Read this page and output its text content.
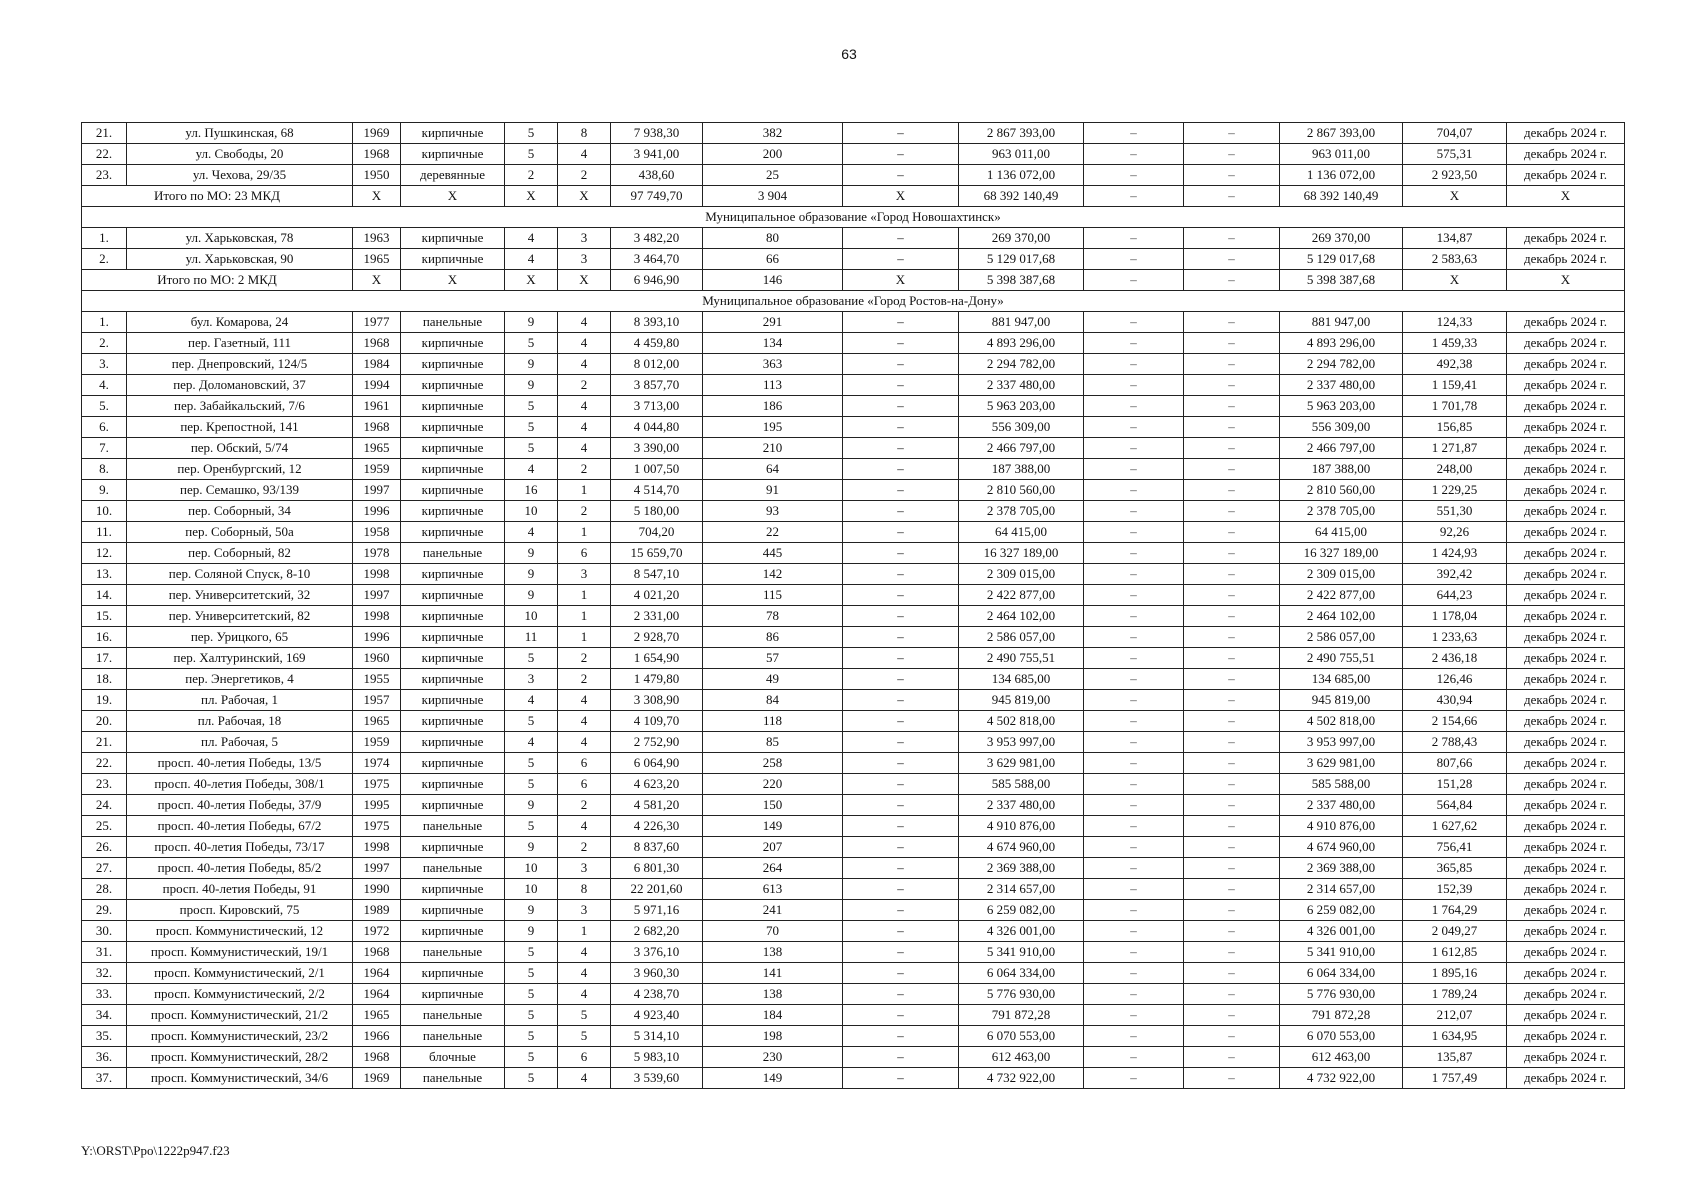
63
21.	ул. Пушкинская, 68	1969	кирпичные	5	8	7 938,30	382	–	2 867 393,00	–	–	2 867 393,00	704,07	декабрь 2024 г.
22.	ул. Свободы, 20	1968	кирпичные	5	4	3 941,00	200	–	963 011,00	–	–	963 011,00	575,31	декабрь 2024 г.
23.	ул. Чехова, 29/35	1950	деревянные	2	2	438,60	25	–	1 136 072,00	–	–	1 136 072,00	2 923,50	декабрь 2024 г.
Итого по МО: 23 МКД		X	X	X	X	97 749,70	3 904	X	68 392 140,49	–	–	68 392 140,49	X	X
Муниципальное образование «Город Новошахтинск»														
1.	ул. Харьковская, 78	1963	кирпичные	4	3	3 482,20	80	–	269 370,00	–	–	269 370,00	134,87	декабрь 2024 г.
2.	ул. Харьковская, 90	1965	кирпичные	4	3	3 464,70	66	–	5 129 017,68	–	–	5 129 017,68	2 583,63	декабрь 2024 г.
Итого по МО: 2 МКД		X	X	X	X	6 946,90	146	X	5 398 387,68	–	–	5 398 387,68	X	X
Муниципальное образование «Город Ростов-на-Дону»														
1.	бул. Комарова, 24	1977	панельные	9	4	8 393,10	291	–	881 947,00	–	–	881 947,00	124,33	декабрь 2024 г.
2.	пер. Газетный, 111	1968	кирпичные	5	4	4 459,80	134	–	4 893 296,00	–	–	4 893 296,00	1 459,33	декабрь 2024 г.
3.	пер. Днепровский, 124/5	1984	кирпичные	9	4	8 012,00	363	–	2 294 782,00	–	–	2 294 782,00	492,38	декабрь 2024 г.
4.	пер. Доломановский, 37	1994	кирпичные	9	2	3 857,70	113	–	2 337 480,00	–	–	2 337 480,00	1 159,41	декабрь 2024 г.
5.	пер. Забайкальский, 7/6	1961	кирпичные	5	4	3 713,00	186	–	5 963 203,00	–	–	5 963 203,00	1 701,78	декабрь 2024 г.
6.	пер. Крепостной, 141	1968	кирпичные	5	4	4 044,80	195	–	556 309,00	–	–	556 309,00	156,85	декабрь 2024 г.
7.	пер. Обский, 5/74	1965	кирпичные	5	4	3 390,00	210	–	2 466 797,00	–	–	2 466 797,00	1 271,87	декабрь 2024 г.
8.	пер. Оренбургский, 12	1959	кирпичные	4	2	1 007,50	64	–	187 388,00	–	–	187 388,00	248,00	декабрь 2024 г.
9.	пер. Семашко, 93/139	1997	кирпичные	16	1	4 514,70	91	–	2 810 560,00	–	–	2 810 560,00	1 229,25	декабрь 2024 г.
10.	пер. Соборный, 34	1996	кирпичные	10	2	5 180,00	93	–	2 378 705,00	–	–	2 378 705,00	551,30	декабрь 2024 г.
11.	пер. Соборный, 50а	1958	кирпичные	4	1	704,20	22	–	64 415,00	–	–	64 415,00	92,26	декабрь 2024 г.
12.	пер. Соборный, 82	1978	панельные	9	6	15 659,70	445	–	16 327 189,00	–	–	16 327 189,00	1 424,93	декабрь 2024 г.
13.	пер. Соляной Спуск, 8-10	1998	кирпичные	9	3	8 547,10	142	–	2 309 015,00	–	–	2 309 015,00	392,42	декабрь 2024 г.
14.	пер. Университетский, 32	1997	кирпичные	9	1	4 021,20	115	–	2 422 877,00	–	–	2 422 877,00	644,23	декабрь 2024 г.
15.	пер. Университетский, 82	1998	кирпичные	10	1	2 331,00	78	–	2 464 102,00	–	–	2 464 102,00	1 178,04	декабрь 2024 г.
16.	пер. Урицкого, 65	1996	кирпичные	11	1	2 928,70	86	–	2 586 057,00	–	–	2 586 057,00	1 233,63	декабрь 2024 г.
17.	пер. Халтуринский, 169	1960	кирпичные	5	2	1 654,90	57	–	2 490 755,51	–	–	2 490 755,51	2 436,18	декабрь 2024 г.
18.	пер. Энергетиков, 4	1955	кирпичные	3	2	1 479,80	49	–	134 685,00	–	–	134 685,00	126,46	декабрь 2024 г.
19.	пл. Рабочая, 1	1957	кирпичные	4	4	3 308,90	84	–	945 819,00	–	–	945 819,00	430,94	декабрь 2024 г.
20.	пл. Рабочая, 18	1965	кирпичные	5	4	4 109,70	118	–	4 502 818,00	–	–	4 502 818,00	2 154,66	декабрь 2024 г.
21.	пл. Рабочая, 5	1959	кирпичные	4	4	2 752,90	85	–	3 953 997,00	–	–	3 953 997,00	2 788,43	декабрь 2024 г.
22.	просп. 40-летия Победы, 13/5	1974	кирпичные	5	6	6 064,90	258	–	3 629 981,00	–	–	3 629 981,00	807,66	декабрь 2024 г.
23.	просп. 40-летия Победы, 308/1	1975	кирпичные	5	6	4 623,20	220	–	585 588,00	–	–	585 588,00	151,28	декабрь 2024 г.
24.	просп. 40-летия Победы, 37/9	1995	кирпичные	9	2	4 581,20	150	–	2 337 480,00	–	–	2 337 480,00	564,84	декабрь 2024 г.
25.	просп. 40-летия Победы, 67/2	1975	панельные	5	4	4 226,30	149	–	4 910 876,00	–	–	4 910 876,00	1 627,62	декабрь 2024 г.
26.	просп. 40-летия Победы, 73/17	1998	кирпичные	9	2	8 837,60	207	–	4 674 960,00	–	–	4 674 960,00	756,41	декабрь 2024 г.
27.	просп. 40-летия Победы, 85/2	1997	панельные	10	3	6 801,30	264	–	2 369 388,00	–	–	2 369 388,00	365,85	декабрь 2024 г.
28.	просп. 40-летия Победы, 91	1990	кирпичные	10	8	22 201,60	613	–	2 314 657,00	–	–	2 314 657,00	152,39	декабрь 2024 г.
29.	просп. Кировский, 75	1989	кирпичные	9	3	5 971,16	241	–	6 259 082,00	–	–	6 259 082,00	1 764,29	декабрь 2024 г.
30.	просп. Коммунистический, 12	1972	кирпичные	9	1	2 682,20	70	–	4 326 001,00	–	–	4 326 001,00	2 049,27	декабрь 2024 г.
31.	просп. Коммунистический, 19/1	1968	панельные	5	4	3 376,10	138	–	5 341 910,00	–	–	5 341 910,00	1 612,85	декабрь 2024 г.
32.	просп. Коммунистический, 2/1	1964	кирпичные	5	4	3 960,30	141	–	6 064 334,00	–	–	6 064 334,00	1 895,16	декабрь 2024 г.
33.	просп. Коммунистический, 2/2	1964	кирпичные	5	4	4 238,70	138	–	5 776 930,00	–	–	5 776 930,00	1 789,24	декабрь 2024 г.
34.	просп. Коммунистический, 21/2	1965	панельные	5	5	4 923,40	184	–	791 872,28	–	–	791 872,28	212,07	декабрь 2024 г.
35.	просп. Коммунистический, 23/2	1966	панельные	5	5	5 314,10	198	–	6 070 553,00	–	–	6 070 553,00	1 634,95	декабрь 2024 г.
36.	просп. Коммунистический, 28/2	1968	блочные	5	6	5 983,10	230	–	612 463,00	–	–	612 463,00	135,87	декабрь 2024 г.
37.	просп. Коммунистический, 34/6	1969	панельные	5	4	3 539,60	149	–	4 732 922,00	–	–	4 732 922,00	1 757,49	декабрь 2024 г.
Y:\ORST\Ppo\1222p947.f23
